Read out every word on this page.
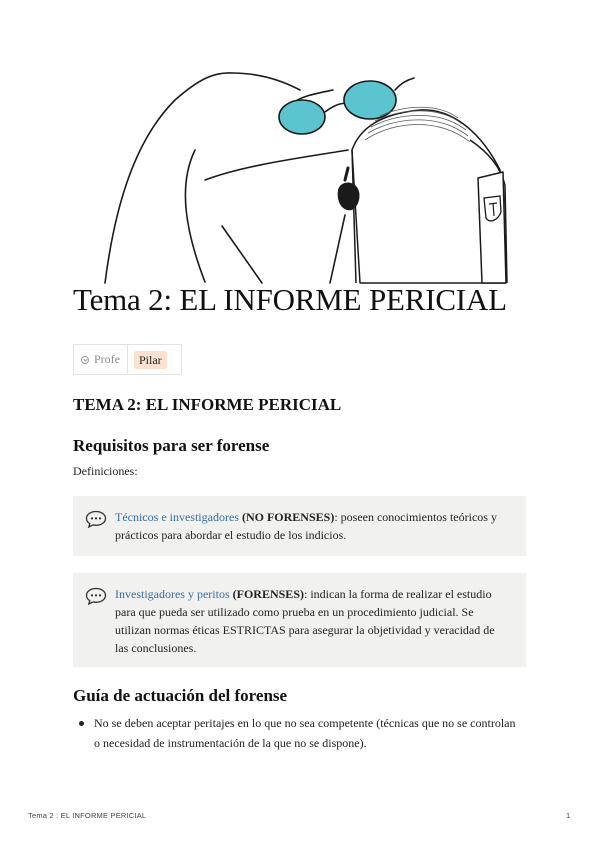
Tema 2: EL INFORME PERICIAL
Profe	Pilar
TEMA 2: EL INFORME PERICIAL
Requisitos para ser forense

Definiciones:

Técnicos e investigadores (NO FORENSES): poseen conocimientos teóricos y
prácticos para abordar el estudio de los indicios.
Investigadores y peritos (FORENSES): indican la forma de realizar el estudio
para que pueda ser utilizado como prueba en un procedimiento judicial. Se
utilizan normas éticas ESTRICTAS para asegurar la objetividad y veracidad de
las conclusiones.
Guía de actuación del forense
No se deben aceptar peritajes en lo que no sea competente (técnicas que no se controlan
o necesidad de instrumentación de la que no se dispone).
Tema 2 : EL INFORME PERICIAL	1
